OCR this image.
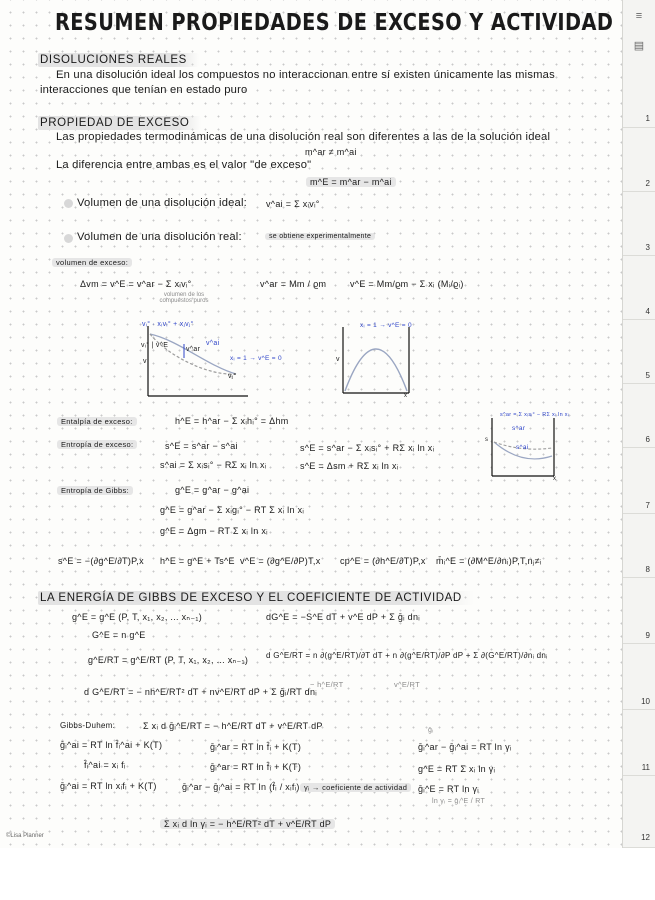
≡
▤
1
2
3
4
5
6
7
8
9
10
11
12
RESUMEN PROPIEDADES DE EXCESO Y ACTIVIDAD
DISOLUCIONES REALES
En una disolución ideal los compuestos no interaccionan entre sí existen únicamente las mismas
interacciones que tenían en estado puro
PROPIEDAD DE EXCESO
Las propiedades termodinámicas de una disolución real son diferentes a las de la solución ideal
m^ar ≠ m^ai
La diferencia entre ambas es el valor "de exceso"
m^E = m^ar − m^ai
Volumen de una disolución ideal: v^ai = Σ xᵢvᵢ°
Volumen de una disolución real:	se obtiene experimentalmente
volumen de exceso:
Δvm = v^E = v^ar − Σ xᵢvᵢ°
volumen de los compuestos puros
v^ar = Mm / ϱm	v^E = Mm/ϱm − Σ xᵢ (Mᵢ/ϱᵢ)
vᵢ° · xᵢvᵢ° + xⱼvⱼ°
vᵢ° | v^E	v^ai
v^ar
xᵢ = 1 → v^E = 0
v
vⱼ°
xᵢ = 1 → v^E = 0
v
x
s^ar = Σ xᵢsᵢ° − RΣ xᵢ ln xᵢ
s^ar
s^ai
s
x
Entalpía de exceso:	h^E = h^ar − Σ xᵢhᵢ° = Δhm
Entropía de exceso:	s^E = s^ar − s^ai
s^ai = Σ xᵢsᵢ° − RΣ xᵢ ln xᵢ
s^E = s^ar − Σ xᵢsᵢ° + RΣ xᵢ ln xᵢ
s^E = Δsm + RΣ xᵢ ln xᵢ
Entropía de Gibbs:	g^E = g^ar − g^ai
g^E = g^ar − Σ xᵢgᵢ° − RT Σ xᵢ ln xᵢ
g^E = Δgm − RT Σ xᵢ ln xᵢ
s^E = −(∂g^E/∂T)P,x h^E = g^E + Ts^E v^E = (∂g^E/∂P)T,x cp^E = (∂h^E/∂T)P,x m̄ᵢ^E = (∂M^E/∂nᵢ)P,T,nⱼ≠ᵢ
LA ENERGÍA DE GIBBS DE EXCESO Y EL COEFICIENTE DE ACTIVIDAD
g^E = g^E (P, T, x₁, x₂, ... xₙ₋₁)	dG^E = −S^E dT + v^E dP + Σ ḡᵢ dnᵢ
G^E = n g^E
g^E/RT = g^E/RT (P, T, x₁, x₂, ... xₙ₋₁) d G^E/RT = n ∂(g^E/RT)/∂T dT + n ∂(g^E/RT)/∂P dP + Σ ∂(G^E/RT)/∂nᵢ dnᵢ
d G^E/RT = − nh^E/RT² dT + nv^E/RT dP + Σ ḡᵢ/RT dnᵢ
− h^E/RT	v^E/RT
Gibbs-Duhem:	Σ xᵢ d ḡᵢ^E/RT = − h^E/RT dT + v^E/RT dP
ḡᵢ^ai = RT ln f̂ᵢ^ai + K(T)
f̂ᵢ^ai = xᵢ fᵢ
ḡᵢ^ai = RT ln xᵢfᵢ + K(T)
ḡᵢ^ar = RT ln f̂ᵢ + K(T)
ḡᵢ^ar = RT ln f̂ᵢ + K(T)
ḡᵢ^ar − ḡᵢ^ai = RT ln (f̂ᵢ / xᵢfᵢ) γᵢ → coeficiente de actividad
ḡᵢ
ḡᵢ^ar − ḡᵢ^ai = RT ln γᵢ
g^E = RT Σ xᵢ ln γᵢ
ḡᵢ^E = RT ln γᵢ
ln γᵢ = ḡᵢ^E / RT
Σ xᵢ d ln γᵢ = − h^E/RT² dT + v^E/RT dP
©Lisa Planner
